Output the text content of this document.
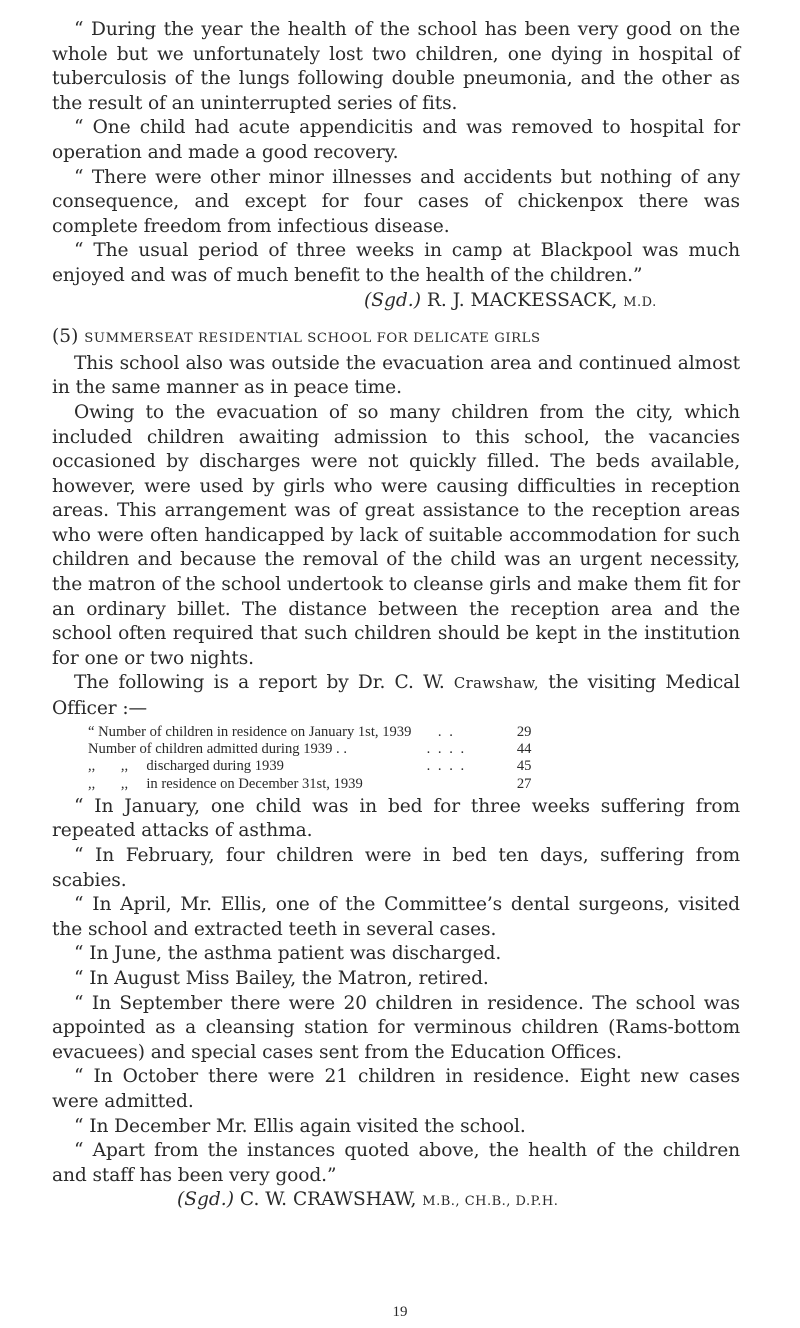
“ During the year the health of the school has been very good on the whole but we unfortunately lost two children, one dying in hospital of tuberculosis of the lungs following double pneumonia, and the other as the result of an uninterrupted series of fits.

“ One child had acute appendicitis and was removed to hospital for operation and made a good recovery.

“ There were other minor illnesses and accidents but nothing of any consequence, and except for four cases of chickenpox there was complete freedom from infectious disease.

“ The usual period of three weeks in camp at Blackpool was much enjoyed and was of much benefit to the health of the children.”

(Sgd.) R. J. MACKESSACK, M.D.

(5) SUMMERSEAT RESIDENTIAL SCHOOL FOR DELICATE GIRLS

This school also was outside the evacuation area and continued almost in the same manner as in peace time.

Owing to the evacuation of so many children from the city, which included children awaiting admission to this school, the vacancies occasioned by discharges were not quickly filled. The beds available, however, were used by girls who were causing difficulties in reception areas. This arrangement was of great assistance to the reception areas who were often handicapped by lack of suitable accommodation for such children and because the removal of the child was an urgent necessity, the matron of the school undertook to cleanse girls and make them fit for an ordinary billet. The distance between the reception area and the school often required that such children should be kept in the institution for one or two nights.

The following is a report by Dr. C. W. Crawshaw, the visiting Medical Officer :—

“ Number of children in residence on January 1st, 1939	. .	29
Number of children admitted during 1939 . .	. . . .	44
,,       ,,     discharged during 1939	. . . .	45
,,       ,,     in residence on December 31st, 1939		27

“ In January, one child was in bed for three weeks suffering from repeated attacks of asthma.

“ In February, four children were in bed ten days, suffering from scabies.

“ In April, Mr. Ellis, one of the Committee’s dental surgeons, visited the school and extracted teeth in several cases.

“ In June, the asthma patient was discharged.

“ In August Miss Bailey, the Matron, retired.

“ In September there were 20 children in residence. The school was appointed as a cleansing station for verminous children (Rams-bottom evacuees) and special cases sent from the Education Offices.

“ In October there were 21 children in residence. Eight new cases were admitted.

“ In December Mr. Ellis again visited the school.

“ Apart from the instances quoted above, the health of the children and staff has been very good.”

(Sgd.) C. W. CRAWSHAW, M.B., CH.B., D.P.H.

19
